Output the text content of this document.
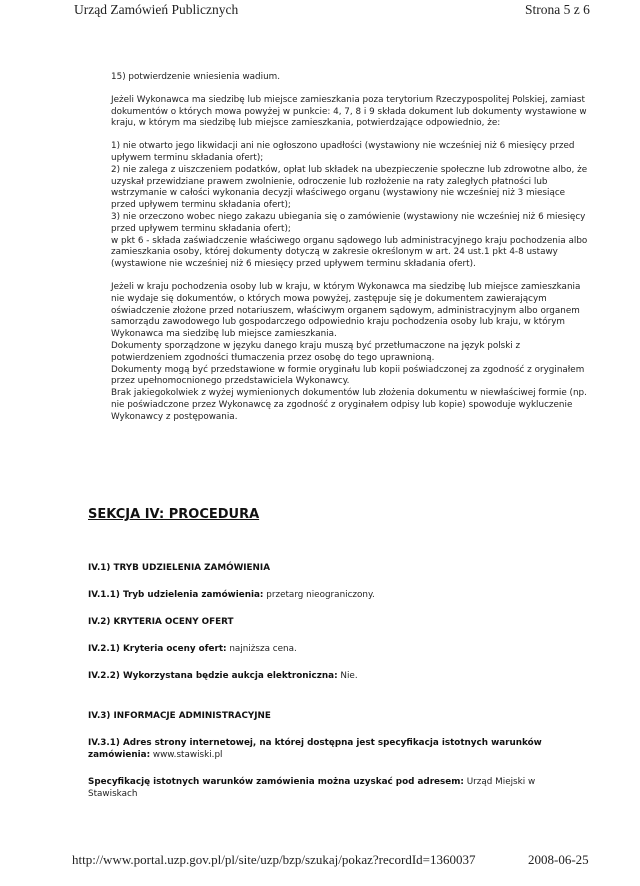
Urząd Zamówień Publicznych	Strona 5 z 6

15) potwierdzenie wniesienia wadium.

Jeżeli Wykonawca ma siedzibę lub miejsce zamieszkania poza terytorium Rzeczypospolitej Polskiej, zamiast dokumentów o których mowa powyżej w punkcie: 4, 7, 8 i 9 składa dokument lub dokumenty wystawione w kraju, w którym ma siedzibę lub miejsce zamieszkania, potwierdzające odpowiednio, że:

1) nie otwarto jego likwidacji ani nie ogłoszono upadłości (wystawiony nie wcześniej niż 6 miesięcy przed upływem terminu składania ofert);

2) nie zalega z uiszczeniem podatków, opłat lub składek na ubezpieczenie społeczne lub zdrowotne albo, że uzyskał przewidziane prawem zwolnienie, odroczenie lub rozłożenie na raty zaległych płatności lub wstrzymanie w całości wykonania decyzji właściwego organu (wystawiony nie wcześniej niż 3 miesiące przed upływem terminu składania ofert);

3) nie orzeczono wobec niego zakazu ubiegania się o zamówienie (wystawiony nie wcześniej niż 6 miesięcy przed upływem terminu składania ofert);

w pkt 6 - składa zaświadczenie właściwego organu sądowego lub administracyjnego kraju pochodzenia albo zamieszkania osoby, której dokumenty dotyczą w zakresie określonym w art. 24 ust.1 pkt 4-8 ustawy (wystawione nie wcześniej niż 6 miesięcy przed upływem terminu składania ofert).

Jeżeli w kraju pochodzenia osoby lub w kraju, w którym Wykonawca ma siedzibę lub miejsce zamieszkania nie wydaje się dokumentów, o których mowa powyżej, zastępuje się je dokumentem zawierającym oświadczenie złożone przed notariuszem, właściwym organem sądowym, administracyjnym albo organem samorządu zawodowego lub gospodarczego odpowiednio kraju pochodzenia osoby lub kraju, w którym Wykonawca ma siedzibę lub miejsce zamieszkania.

Dokumenty sporządzone w języku danego kraju muszą być przetłumaczone na język polski z potwierdzeniem zgodności tłumaczenia przez osobę do tego uprawnioną.

Dokumenty mogą być przedstawione w formie oryginału lub kopii poświadczonej za zgodność z oryginałem przez upełnomocnionego przedstawiciela Wykonawcy.

Brak jakiegokolwiek z wyżej wymienionych dokumentów lub złożenia dokumentu w niewłaściwej formie (np. nie poświadczone przez Wykonawcę za zgodność z oryginałem odpisy lub kopie) spowoduje wykluczenie Wykonawcy z postępowania.

SEKCJA IV: PROCEDURA
IV.1) TRYB UDZIELENIA ZAMÓWIENIA
IV.1.1) Tryb udzielenia zamówienia: przetarg nieograniczony.
IV.2) KRYTERIA OCENY OFERT
IV.2.1) Kryteria oceny ofert: najniższa cena.
IV.2.2) Wykorzystana będzie aukcja elektroniczna: Nie.
IV.3) INFORMACJE ADMINISTRACYJNE
IV.3.1) Adres strony internetowej, na której dostępna jest specyfikacja istotnych warunków zamówienia: www.stawiski.pl
Specyfikację istotnych warunków zamówienia można uzyskać pod adresem: Urząd Miejski w Stawiskach
http://www.portal.uzp.gov.pl/pl/site/uzp/bzp/szukaj/pokaz?recordId=1360037	2008-06-25
